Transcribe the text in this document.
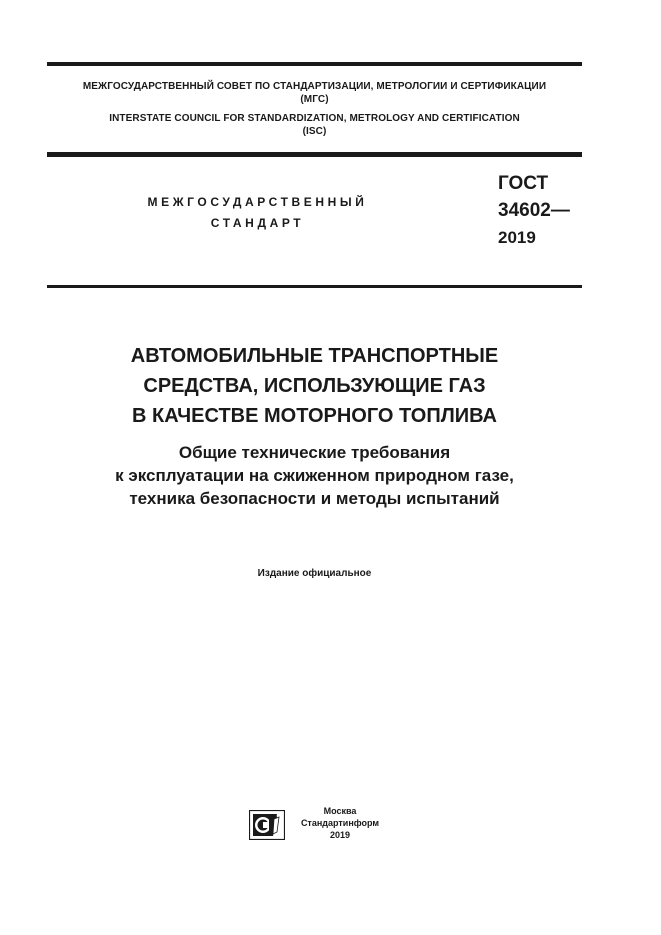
МЕЖГОСУДАРСТВЕННЫЙ СОВЕТ ПО СТАНДАРТИЗАЦИИ, МЕТРОЛОГИИ И СЕРТИФИКАЦИИ
(МГС)
INTERSTATE COUNCIL FOR STANDARDIZATION, METROLOGY AND CERTIFICATION
(ISC)
МЕЖГОСУДАРСТВЕННЫЙ
СТАНДАРТ
ГОСТ
34602—
2019
АВТОМОБИЛЬНЫЕ ТРАНСПОРТНЫЕ
СРЕДСТВА, ИСПОЛЬЗУЮЩИЕ ГАЗ
В КАЧЕСТВЕ МОТОРНОГО ТОПЛИВА
Общие технические требования
к эксплуатации на сжиженном природном газе,
техника безопасности и методы испытаний
Издание официальное
Москва
Стандартинформ
2019
